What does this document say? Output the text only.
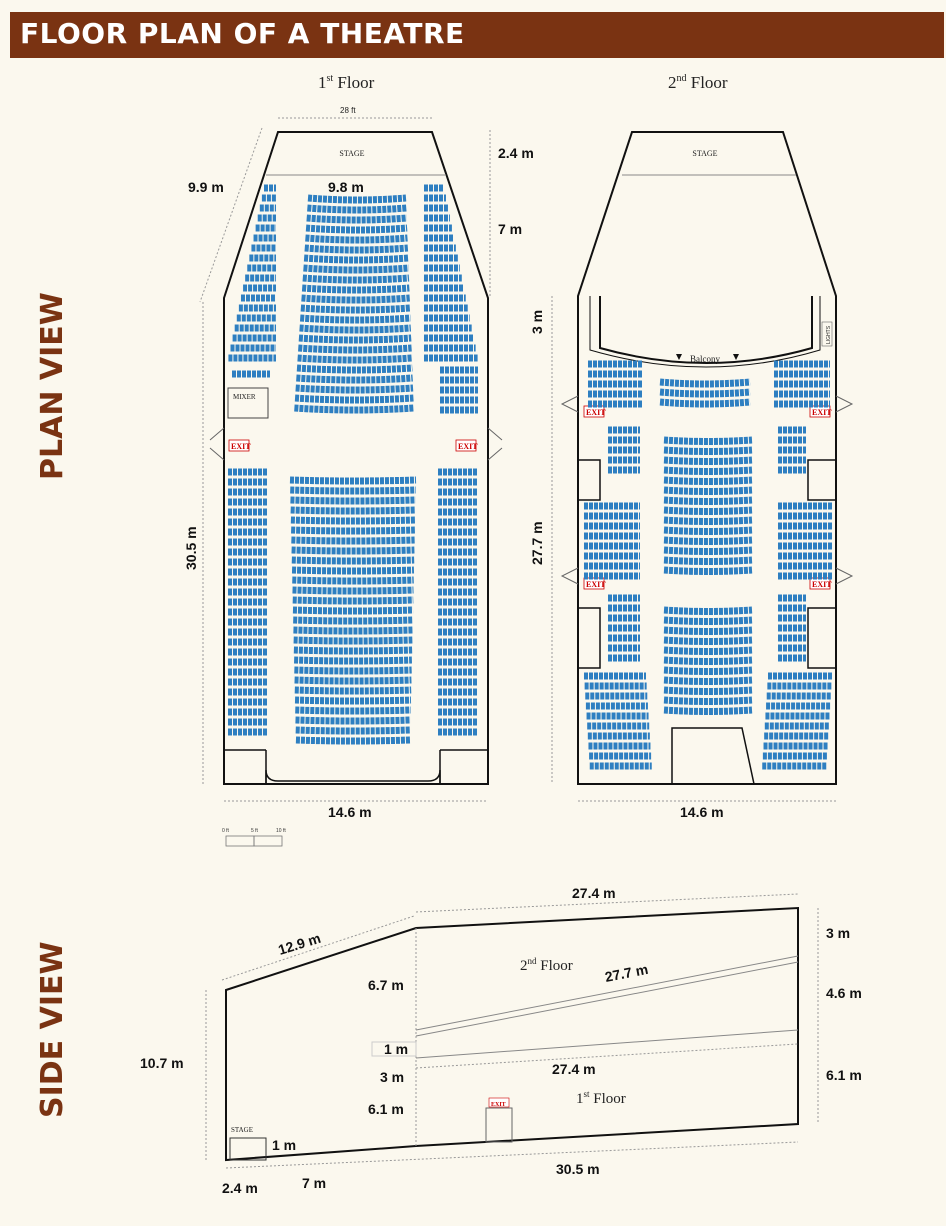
FLOOR PLAN OF A THEATRE
PLAN VIEW
SIDE VIEW
1st Floor
STAGE
MIXER
EXIT	EXIT
28 ft
2.4 m
7 m
9.9 m	9.8 m
30.5 m
14.6 m
0 ft	5 ft	10 ft
2nd Floor
STAGE
Balcony
LIGHTS
EXIT	EXIT
EXIT	EXIT
3 m
27.7 m
14.6 m
STAGE
EXIT
2nd Floor
1st Floor
12.9 m
27.4 m
10.7 m
6.7 m
1 m
3 m
6.1 m
1 m
2.4 m	7 m
30.5 m
27.7 m
27.4 m
3 m
4.6 m
6.1 m
